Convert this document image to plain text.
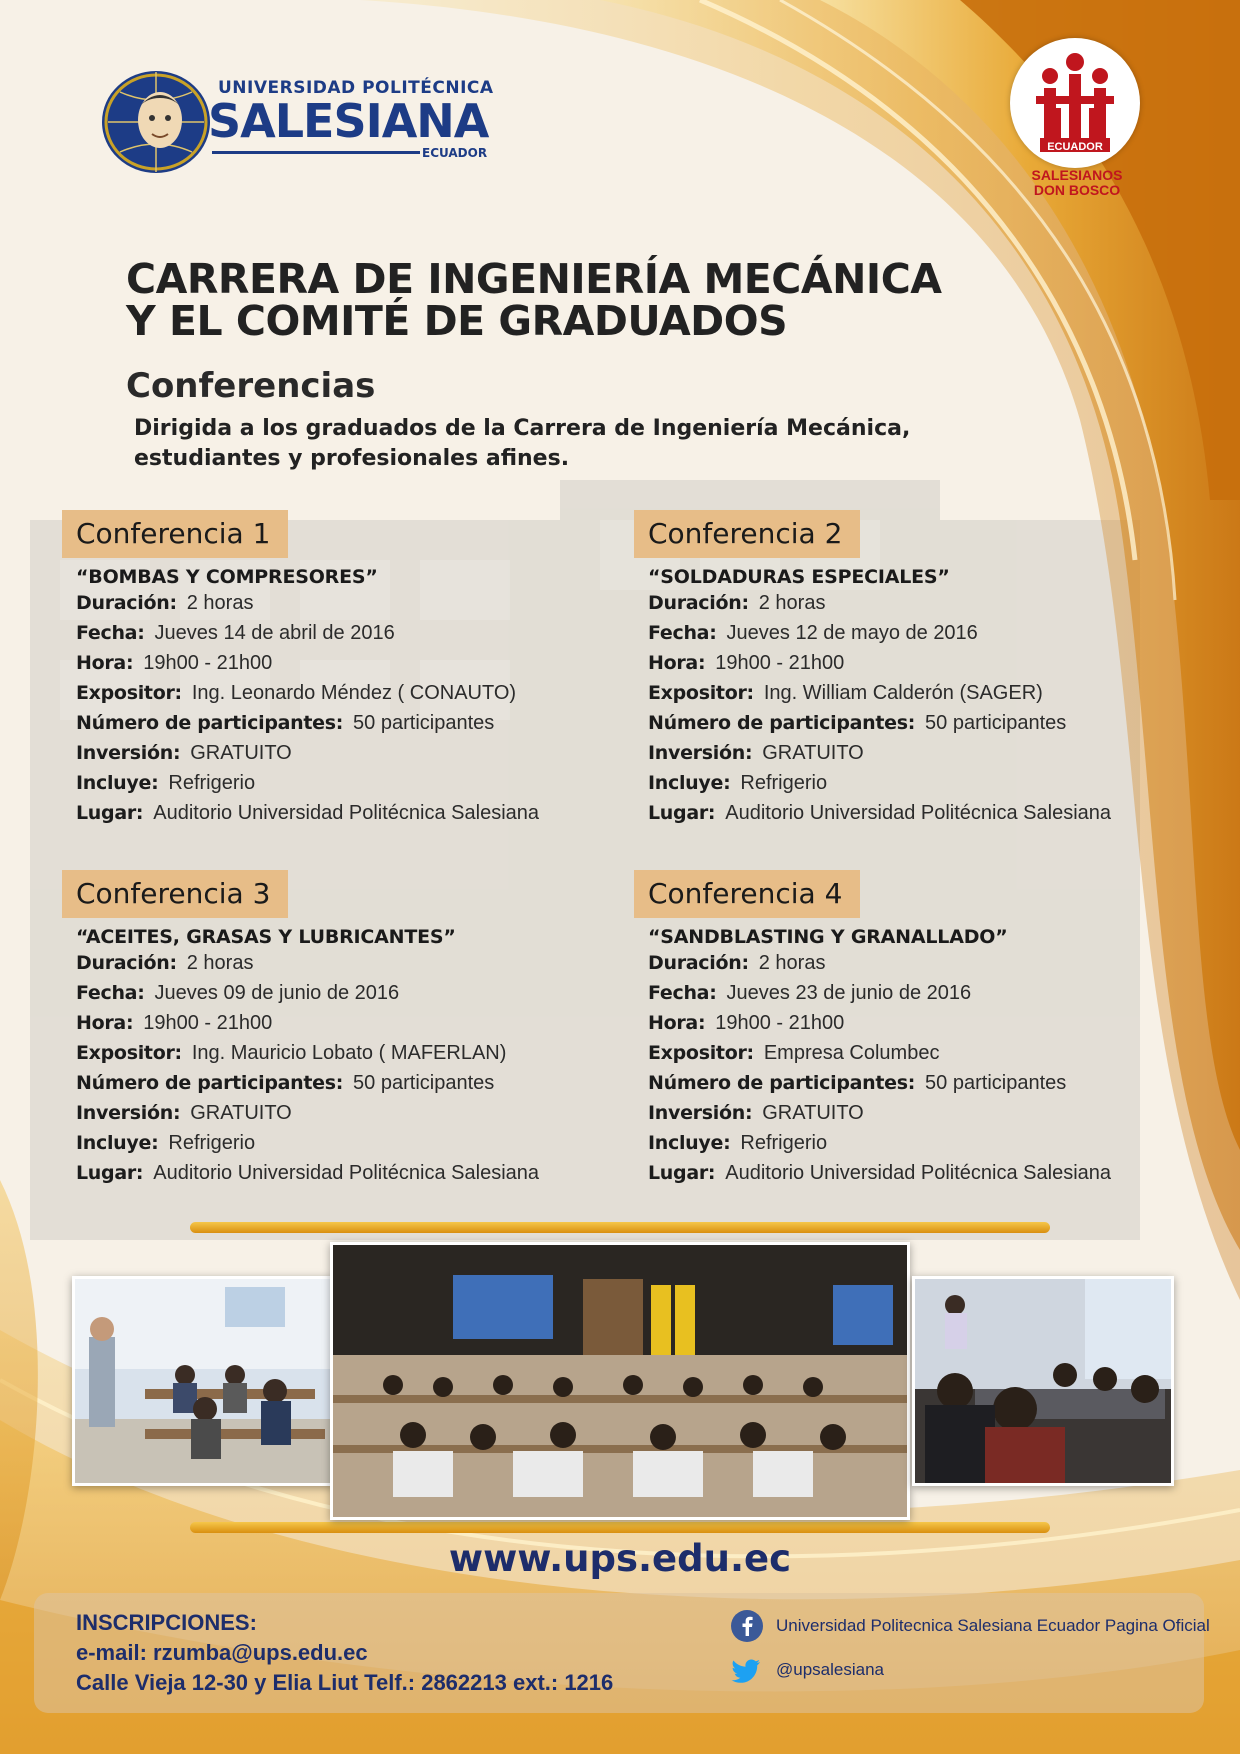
UNIVERSIDAD POLITÉCNICA
SALESIANA
ECUADOR	ECUADOR
SALESIANOS
DON BOSCO
CARRERA DE INGENIERÍA MECÁNICA
Y EL COMITÉ DE GRADUADOS
Conferencias
Dirigida a los graduados de la Carrera de Ingeniería Mecánica,
estudiantes y profesionales afines.
Conferencia 1
“BOMBAS Y COMPRESORES”
Duración: 2 horas
Fecha: Jueves 14 de abril de 2016
Hora: 19h00 - 21h00
Expositor: Ing. Leonardo Méndez ( CONAUTO)
Número de participantes: 50 participantes
Inversión: GRATUITO
Incluye: Refrigerio
Lugar: Auditorio Universidad Politécnica Salesiana
Conferencia 2
“SOLDADURAS ESPECIALES”
Duración: 2 horas
Fecha: Jueves 12 de mayo de 2016
Hora: 19h00 - 21h00
Expositor: Ing. William Calderón (SAGER)
Número de participantes: 50 participantes
Inversión: GRATUITO
Incluye: Refrigerio
Lugar: Auditorio Universidad Politécnica Salesiana
Conferencia 3
“ACEITES, GRASAS Y LUBRICANTES”
Duración: 2 horas
Fecha: Jueves 09 de junio de 2016
Hora: 19h00 - 21h00
Expositor: Ing. Mauricio Lobato ( MAFERLAN)
Número de participantes: 50 participantes
Inversión: GRATUITO
Incluye: Refrigerio
Lugar: Auditorio Universidad Politécnica Salesiana
Conferencia 4
“SANDBLASTING Y GRANALLADO”
Duración: 2 horas
Fecha: Jueves 23 de junio de 2016
Hora: 19h00 - 21h00
Expositor: Empresa Columbec
Número de participantes: 50 participantes
Inversión: GRATUITO
Incluye: Refrigerio
Lugar: Auditorio Universidad Politécnica Salesiana
www.ups.edu.ec
INSCRIPCIONES:
e-mail: rzumba@ups.edu.ec
Calle Vieja 12-30 y Elia Liut Telf.: 2862213 ext.: 1216
Universidad Politecnica Salesiana Ecuador Pagina Oficial
@upsalesiana
